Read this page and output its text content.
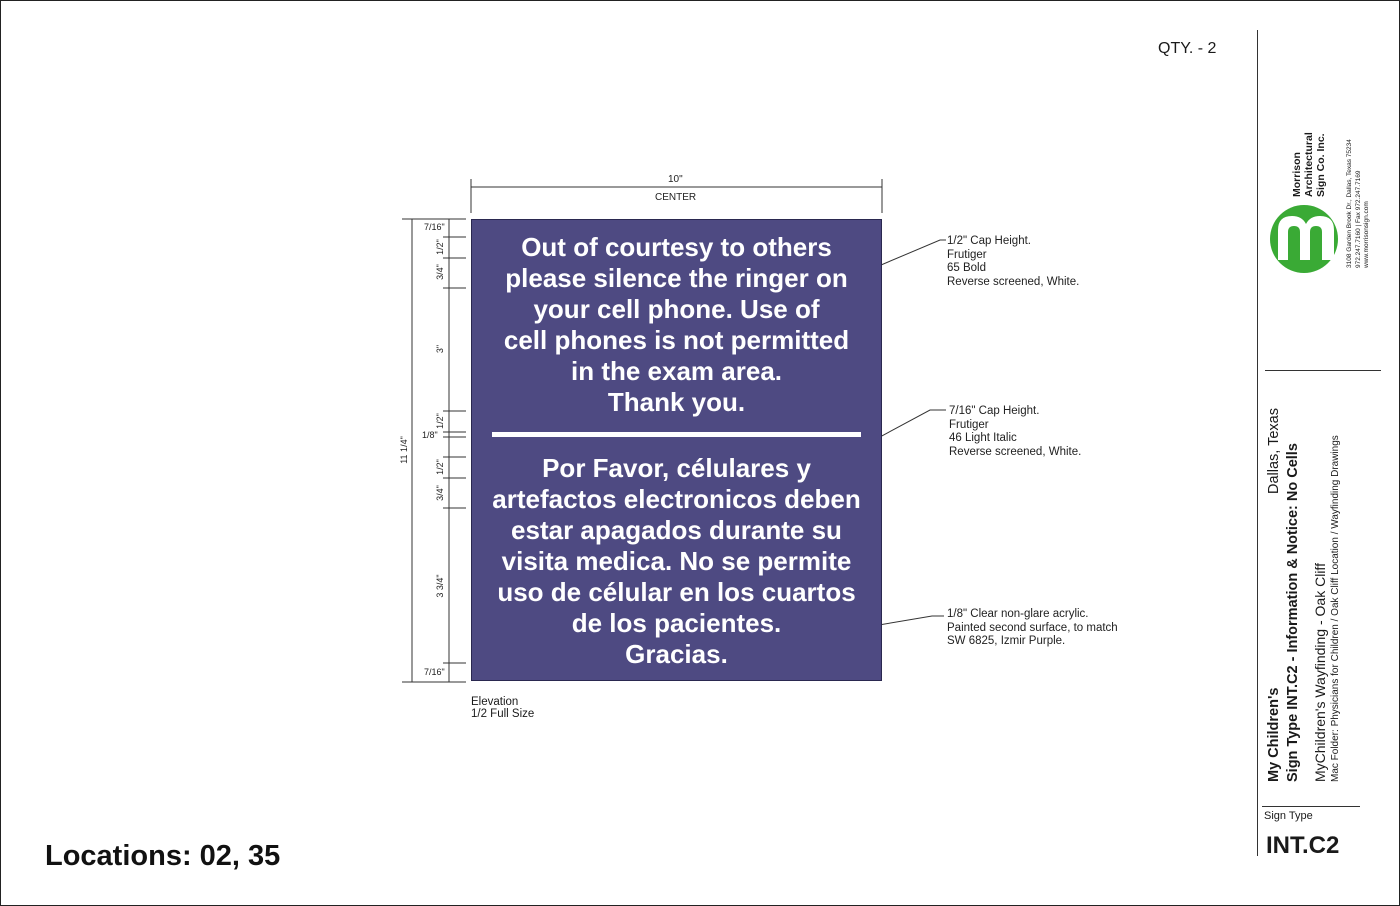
QTY. - 2
10"
CENTER
11 1/4"
7/16"
1/2"
3/4"
3"
1/2"
1/8"
1/2"
3/4"
3 3/4"
7/16"
Out of courtesy to others
please silence the ringer on
your cell phone. Use of
cell phones is not permitted
in the exam area.
Thank you.
Por Favor, célulares y
artefactos electronicos deben
estar apagados durante su
visita medica. No se permite
uso de célular en los cuartos
de los pacientes.
Gracias.
1/2" Cap Height.
Frutiger
65 Bold
Reverse screened, White.
7/16" Cap Height.
Frutiger
46 Light Italic
Reverse screened, White.
1/8" Clear non-glare acrylic.
Painted second surface, to match
SW 6825, Izmir Purple.
Elevation
1/2 Full Size
Locations: 02, 35
Morrison Architectural Sign Co. Inc.	3108 Garden Brook Dr., Dallas, Texas 75234 972.247.7160 | Fax 972.247.7169 www.morrisonsign.com
My Children's
Dallas, Texas Sign Type INT.C2 - Information & Notice: No Cells MyChildren's Wayfinding - Oak Cliff Mac Folder: Physicians for Children / Oak Cliff Location / Wayfinding Drawings
Sign Type
INT.C2
